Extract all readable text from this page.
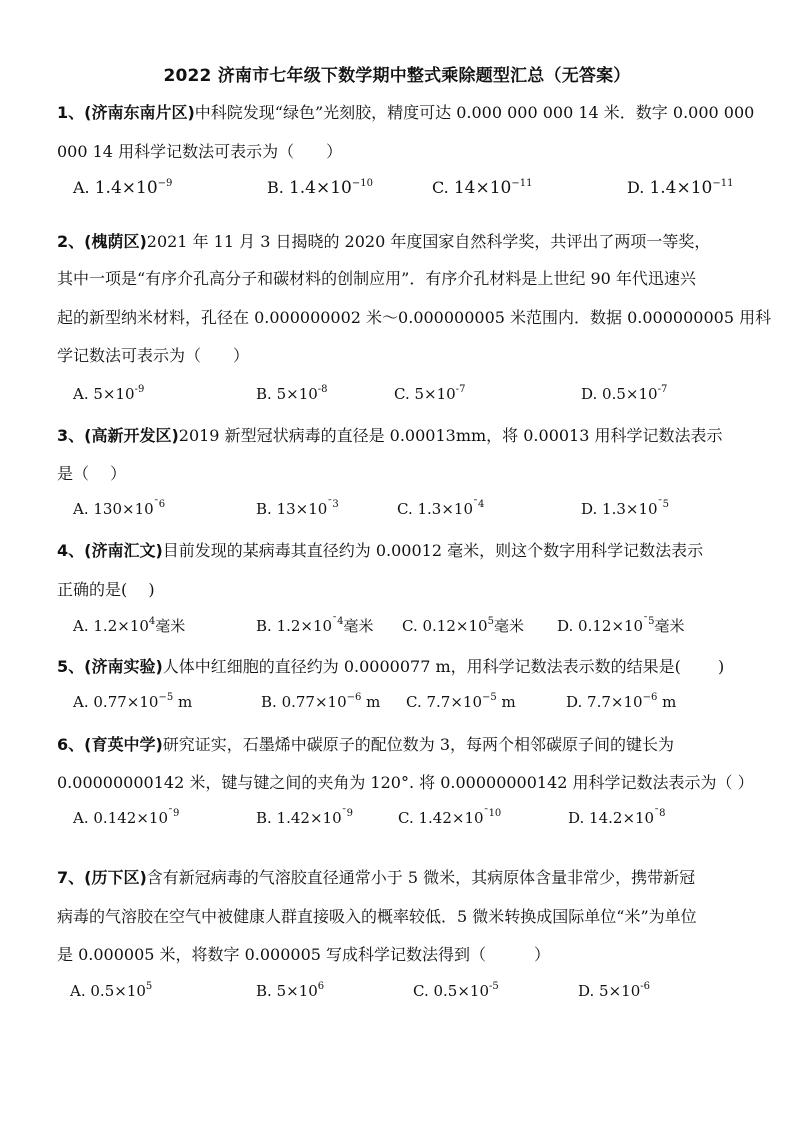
2022 济南市七年级下数学期中整式乘除题型汇总（无答案）
1、(济南东南片区)中科院发现“绿色”光刻胶，精度可达 0.000 000 000 14 米．数字 0.000 000
000 14 用科学记数法可表示为（　　）
A. $1.4\times 10^{-9}$	B. $1.4\times 10^{-10}$	C. $14\times 10^{-11}$	D. $1.4\times 10^{-11}$
2、(槐荫区)2021 年 11 月 3 日揭晓的 2020 年度国家自然科学奖，共评出了两项一等奖，
其中一项是“有序介孔高分子和碳材料的创制应用”．有序介孔材料是上世纪 90 年代迅速兴
起的新型纳米材料，孔径在 0.000000002 米～0.000000005 米范围内．数据 0.000000005 用科
学记数法可表示为（　　）
A. $5\times 10^{-9}$	B. $5\times 10^{-8}$	C. $5\times 10^{-7}$	D. $0.5\times 10^{-7}$
3、(高新开发区)2019 新型冠状病毒的直径是 0.00013mm，将 0.00013 用科学记数法表示
是（　 ）
A. $130\times 10^{ˉ6}$	B. $13\times 10^{ˉ3}$	C. $1.3\times 10^{ˉ4}$	D. $1.3\times 10^{ˉ5}$
4、(济南汇文)目前发现的某病毒其直径约为 0.00012 毫米，则这个数字用科学记数法表示
正确的是(　 )
A. $1.2\times 10^4$毫米	B. $1.2\times 10^{ˉ4}$毫米 C. $0.12\times 10^5$毫米 D. $0.12\times 10^{ˉ5}$毫米
5、(济南实验)人体中红细胞的直径约为 0.0000077 m，用科学记数法表示数的结果是(　　 )
A. $0.77\times 10^{-5}$ m	B. $0.77\times 10^{-6}$ m C. $7.7\times 10^{-5}$ m	D. $7.7\times 10^{-6}$ m
6、(育英中学)研究证实，石墨烯中碳原子的配位数为 3，每两个相邻碳原子间的键长为
0.00000000142 米，键与键之间的夹角为 120°. 将 0.00000000142 用科学记数法表示为（ ）
A. $0.142\times 10^{ˉ9}$	B. $1.42\times 10^{ˉ9}$	C. $1.42\times 10^{ˉ10}$	D. $14.2\times 10^{ˉ8}$
7、(历下区)含有新冠病毒的气溶胶直径通常小于 5 微米，其病原体含量非常少，携带新冠
病毒的气溶胶在空气中被健康人群直接吸入的概率较低．5 微米转换成国际单位“米”为单位
是 0.000005 米，将数字 0.000005 写成科学记数法得到（　　　）
A. $0.5\times 10^5$	B. $5\times 10^6$	C. $0.5\times 10^{-5}$	D. $5\times 10^{-6}$
